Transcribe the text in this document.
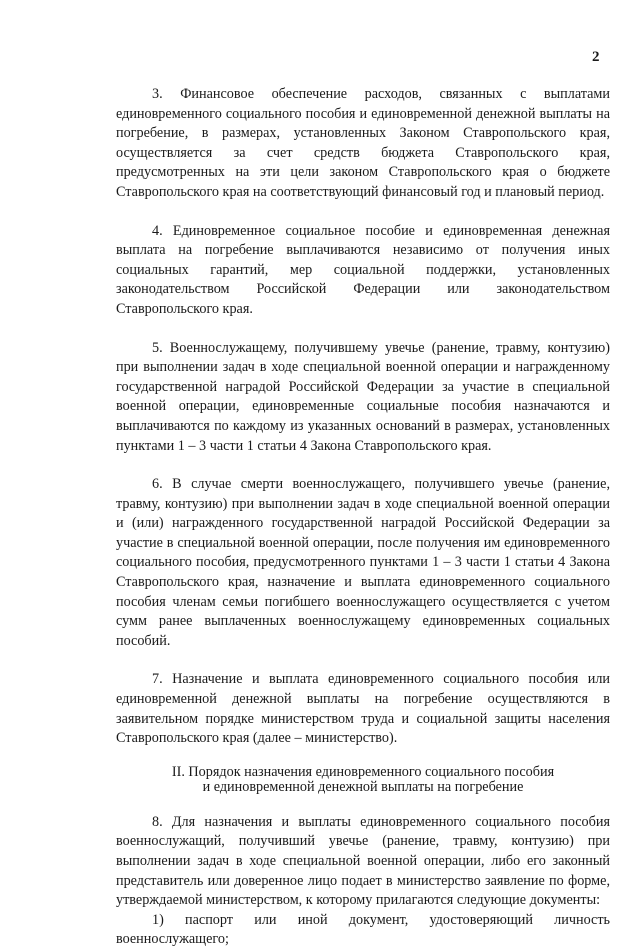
2

3. Финансовое обеспечение расходов, связанных с выплатами единовременного социального пособия и единовременной денежной выплаты на погребение, в размерах, установленных Законом Ставропольского края, осуществляется за счет средств бюджета Ставропольского края, предусмотренных на эти цели законом Ставропольского края о бюджете Ставропольского края на соответствующий финансовый год и плановый период.

4. Единовременное социальное пособие и единовременная денежная выплата на погребение выплачиваются независимо от получения иных социальных гарантий, мер социальной поддержки, установленных законодательством Российской Федерации или законодательством Ставропольского края.

5. Военнослужащему, получившему увечье (ранение, травму, контузию) при выполнении задач в ходе специальной военной операции и награжденному государственной наградой Российской Федерации за участие в специальной военной операции, единовременные социальные пособия назначаются и выплачиваются по каждому из указанных оснований в размерах, установленных пунктами 1 – 3 части 1 статьи 4 Закона Ставропольского края.

6. В случае смерти военнослужащего, получившего увечье (ранение, травму, контузию) при выполнении задач в ходе специальной военной операции и (или) награжденного государственной наградой Российской Федерации за участие в специальной военной операции, после получения им единовременного социального пособия, предусмотренного пунктами 1 – 3 части 1 статьи 4 Закона Ставропольского края, назначение и выплата единовременного социального пособия членам семьи погибшего военнослужащего осуществляется с учетом сумм ранее выплаченных военнослужащему единовременных социальных пособий.

7. Назначение и выплата единовременного социального пособия или единовременной денежной выплаты на погребение осуществляются в заявительном порядке министерством труда и социальной защиты населения Ставропольского края (далее – министерство).

II. Порядок назначения единовременного социального пособия
и единовременной денежной выплаты на погребение

8. Для назначения и выплаты единовременного социального пособия военнослужащий, получивший увечье (ранение, травму, контузию) при выполнении задач в ходе специальной военной операции, либо его законный представитель или доверенное лицо подает в министерство заявление по форме, утверждаемой министерством, к которому прилагаются следующие документы:

1) паспорт или иной документ, удостоверяющий личность военнослужащего;
